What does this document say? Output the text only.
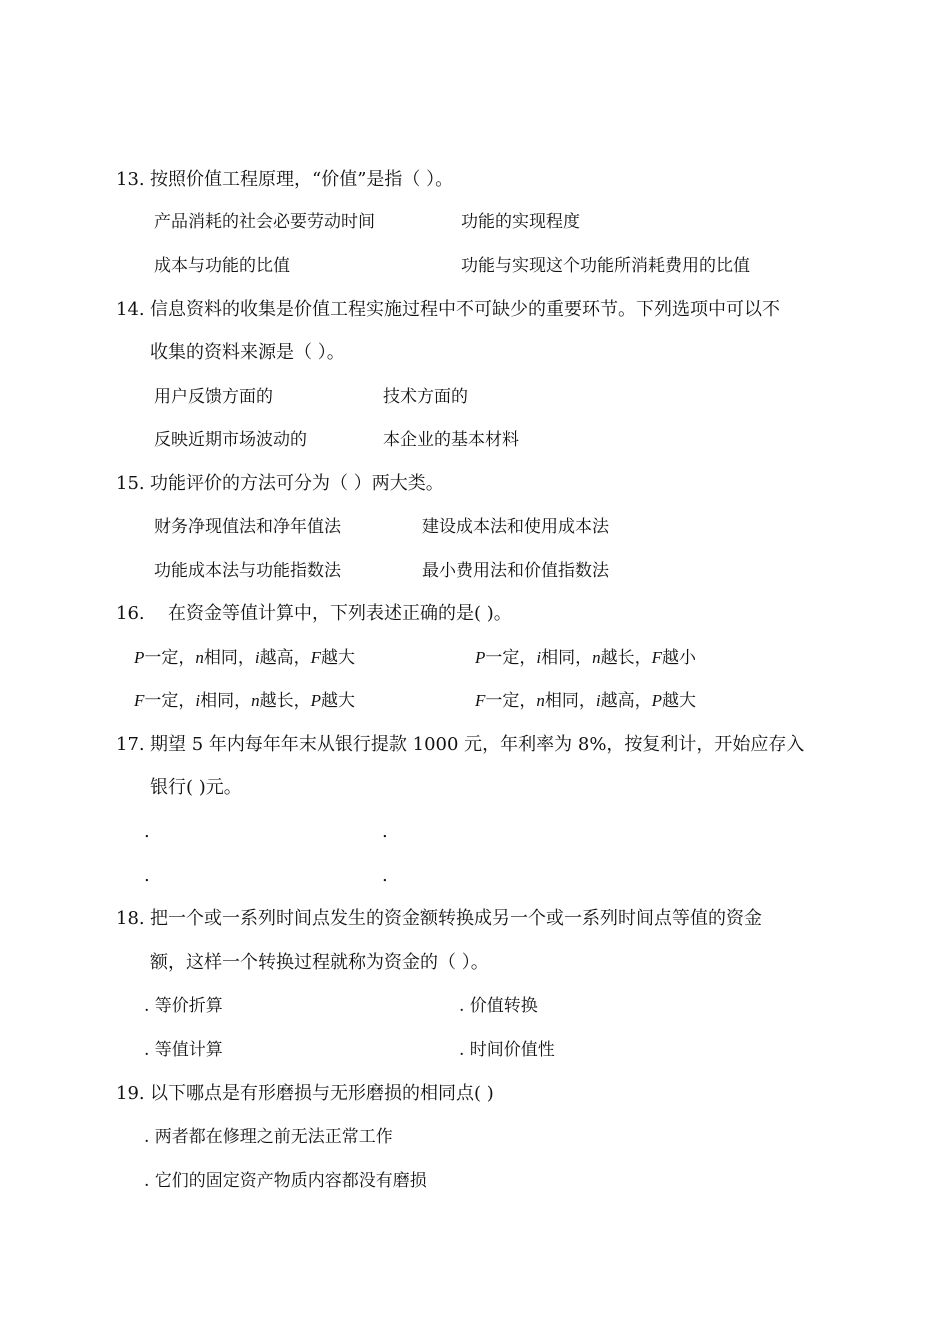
13. 按照价值工程原理，“价值”是指（ ）。
产品消耗的社会必要劳动时间	功能的实现程度
成本与功能的比值	功能与实现这个功能所消耗费用的比值
14. 信息资料的收集是价值工程实施过程中不可缺少的重要环节。下列选项中可以不
收集的资料来源是（ ）。
用户反馈方面的	技术方面的
反映近期市场波动的	本企业的基本材料
15. 功能评价的方法可分为（ ）两大类。
财务净现值法和净年值法	建设成本法和使用成本法
功能成本法与功能指数法	最小费用法和价值指数法
16. 在资金等值计算中，下列表述正确的是( )。
P一定，n相同，i越高，F越大	P一定，i相同，n越长，F越小
F一定，i相同，n越长，P越大	F一定，n相同，i越高，P越大
17. 期望 5 年内每年年末从银行提款 1000 元，年利率为 8%，按复利计，开始应存入
银行( )元。
.	.
.	.
18. 把一个或一系列时间点发生的资金额转换成另一个或一系列时间点等值的资金
额，这样一个转换过程就称为资金的（ ）。
. 等价折算	. 价值转换
. 等值计算	. 时间价值性
19. 以下哪点是有形磨损与无形磨损的相同点( )
. 两者都在修理之前无法正常工作
. 它们的固定资产物质内容都没有磨损
